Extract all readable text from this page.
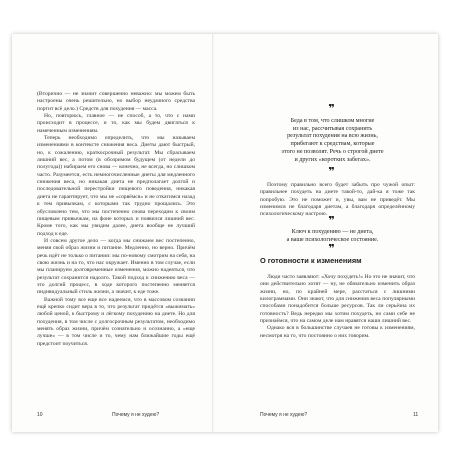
(Вторично — не значит совершенно неважно: мы можем быть настроены очень решительно, но выбор неудачного средства портит всё дело.) Средств для похудения — масса.

Но, повторюсь, главное — не способ, а то, что с нами происходит в процессе, и то, как мы будем двигаться к намеченным изменениям.

Теперь необходимо определить, что мы называем изменениями в контексте снижения веса. Диеты дают быстрый, но, к сожалению, краткосрочный результат. Мы сбрасываем лишний вес, а потом (в обозримом будущем (от недели до полугода)) набираем его снова — конечно, не всегда, но слишком часто. Разумеется, есть немногочисленные диеты для медленного снижения веса, но никакая диета не предполагает долгой и последовательной перестройки пищевого поведения, никакая диета не гарантирует, что мы не «сорвёмся» и не откатимся назад к тем привычкам, с которыми так трудно прощались. Это обусловлено тем, что мы постепенно снова переходим к своим пищевым привычкам, на фоне которых и появился лишний вес. Кроме того, как мы увидим далее, диета вообще не лучший подход к еде.

И совсем другое дело — когда мы снижаем вес постепенно, меняя свой образ жизни и питание. Медленно, но верно. Причём речь идёт не только о питании: мы по-новому смотрим на себя, на свою жизнь и на то, что нас окружает. Именно в том случае, если мы планируем долговременные изменения, можно надеяться, что результат сохранится надолго. Такой подход к снижению веса — это долгий процесс, в ходе которого постепенно меняется индивидуальный стиль жизни, а значит, к еде тоже.

Важной тому все еще все надеемся, что в массовом сознании ещё крепко сидит вера в то, что результат придётся «выжимать» любой ценой, к быстрому и лёгкому похудению на диете. Но для похудения, в том числе с долгосрочным результатом, необходимо менять образ жизни, причём сознательно и осознанно, а «еще лучше» — в том числе и то, чему нам ближайшие годы ещё предстоит поучиться.

10	Почему я не худею?
❞
Беда в том, что слишком многие
из нас, рассчитывая сохранить
результат похудения на всю жизнь,
прибегают к средствам, которые
этого не позволят. Речь о строгой диете
и других «коротких забегах».
❞

Поэтому правильно всего будет забыть про чужой опыт: правильнее похудеть на диете такой-то, дай-ка я тоже так попробую. Это не поможет и, увы, вам не приведёт. Мы изменимся не благодаря диетам, а благодаря определённому психологическому настрою. ❞
Ключ к похудению — не диета,
а ваше психологическое состояние.
❞
О готовности к изменениям

Люди часто заявляют: «Хочу похудеть!» Но это не значит, что они действительно хотят — ну, не обязательно изменить образ жизни, но, по крайней мере, расстаться с лишними килограммами. Они знают, что для снижения веса популярными способами понадобится больше ресурсов. Так ли серьёзна их готовность? Ведь нередко мы хотим похудеть, но сами себе не признаёмся, что на самом деле нам нравятся наши лишний вес.

Однако вся в большинстве случаев не готовы к изменениям, несмотря на то, что постоянно о них говорим.

Почему я не худею?	11
